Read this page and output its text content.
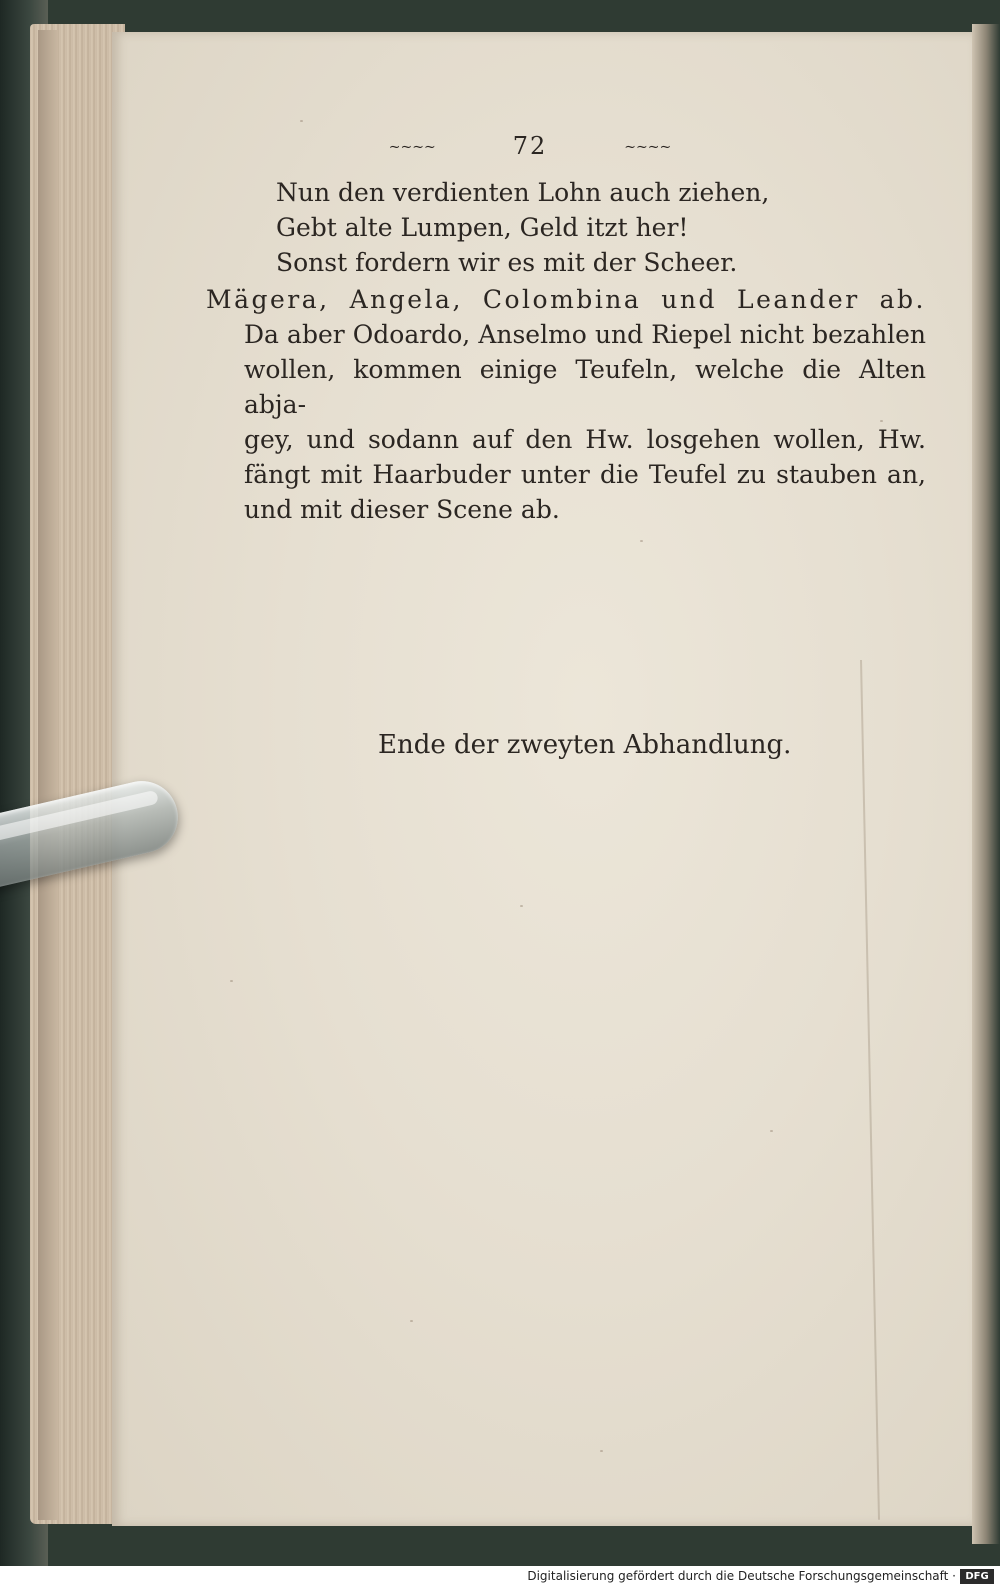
~~~~	72	~~~~
Nun den verdienten Lohn auch ziehen,
Gebt alte Lumpen, Geld itzt her!
Sonst fordern wir es mit der Scheer.
Mägera, Angela, Colombina und Leander ab.
Da aber Odoardo, Anselmo und Riepel nicht bezahlen
wollen, kommen einige Teufeln, welche die Alten abja-
gey, und sodann auf den Hw. losgehen wollen, Hw.
fängt mit Haarbuder unter die Teufel zu stauben an,
und mit dieser Scene ab.
Ende der zweyten Abhandlung.
Digitalisierung gefördert durch die Deutsche Forschungsgemeinschaft · DFG
